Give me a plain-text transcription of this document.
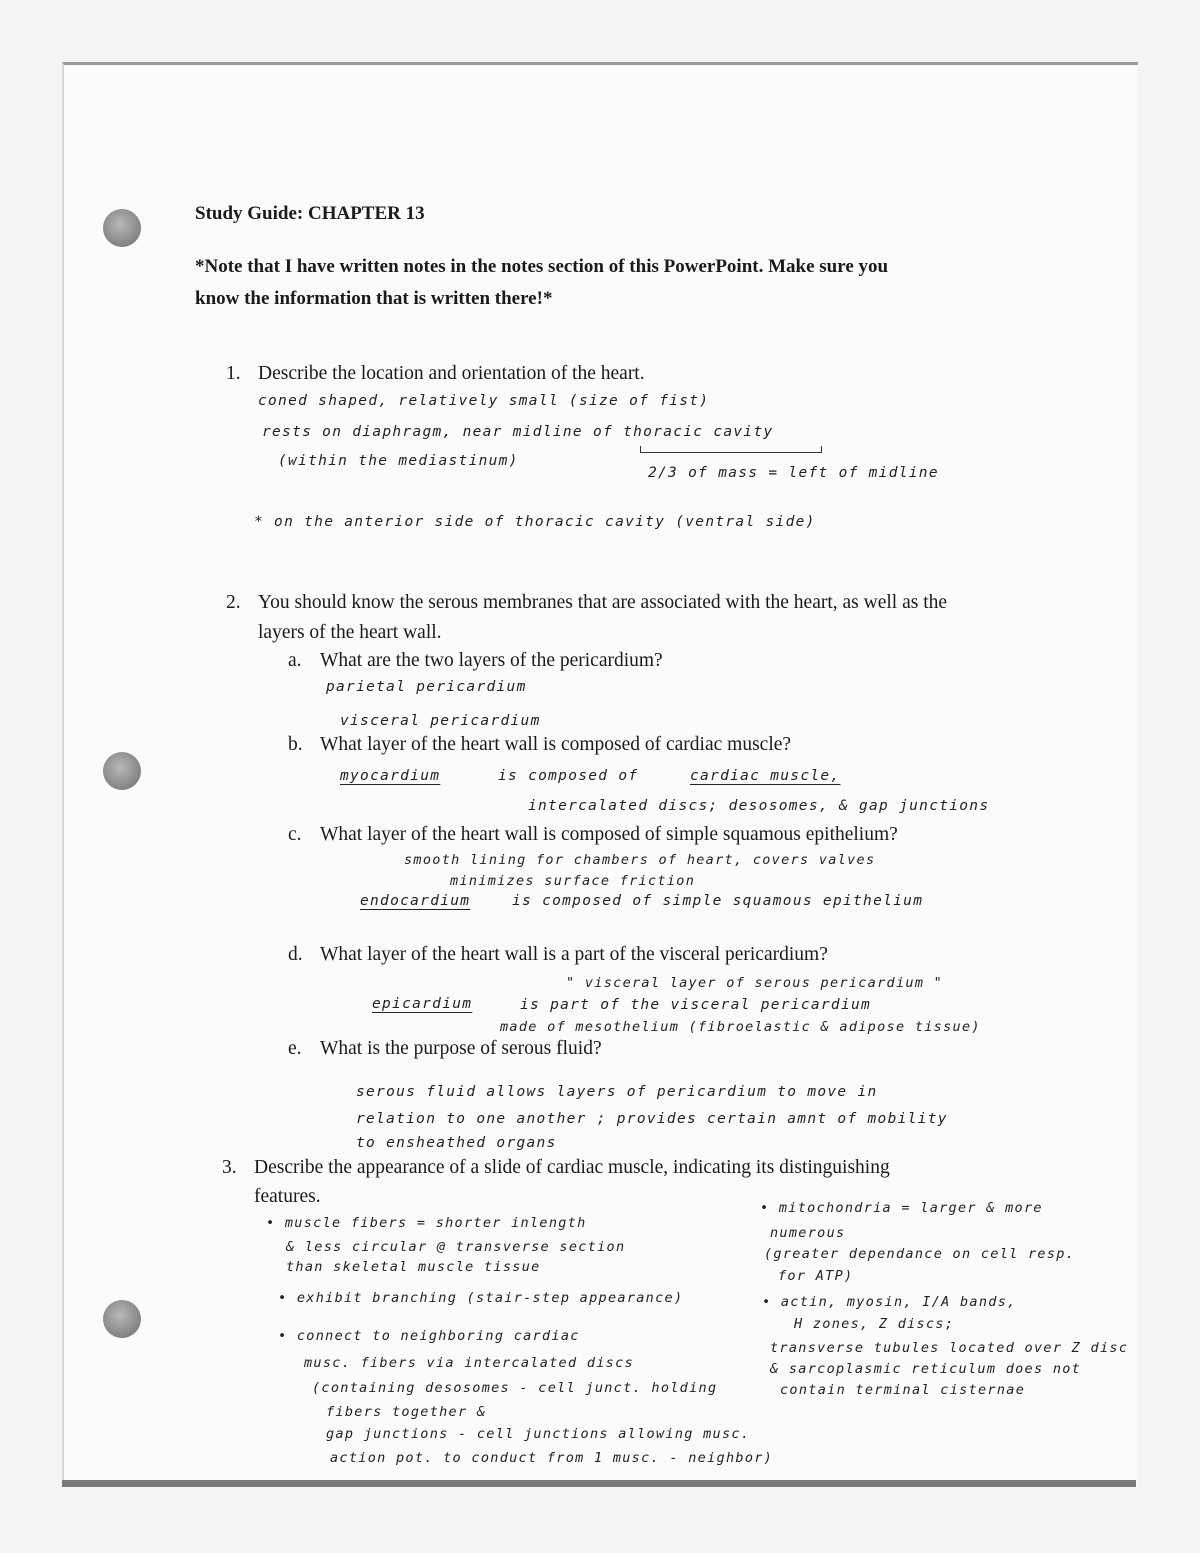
Study Guide: CHAPTER 13
*Note that I have written notes in the notes section of this PowerPoint. Make sure you
know the information that is written there!*
1. Describe the location and orientation of the heart.
coned shaped, relatively small (size of fist)
rests on diaphragm, near midline of thoracic cavity
(within the mediastinum)
2/3 of mass = left of midline
* on the anterior side of thoracic cavity (ventral side)
2. You should know the serous membranes that are associated with the heart, as well as the
layers of the heart wall.
a. What are the two layers of the pericardium?
parietal pericardium
visceral pericardium
b. What layer of the heart wall is composed of cardiac muscle?
myocardium	is composed of	cardiac muscle,
intercalated discs; desosomes, & gap junctions
c. What layer of the heart wall is composed of simple squamous epithelium?
smooth lining for chambers of heart, covers valves
minimizes surface friction
endocardium	is composed of simple squamous epithelium
d. What layer of the heart wall is a part of the visceral pericardium?
" visceral layer of serous pericardium "
epicardium	is part of the visceral pericardium
made of mesothelium (fibroelastic & adipose tissue)
e. What is the purpose of serous fluid?
serous fluid allows layers of pericardium to move in
relation to one another ; provides certain amnt of mobility
to ensheathed organs
3. Describe the appearance of a slide of cardiac muscle, indicating its distinguishing
features.
• muscle fibers = shorter inlength
& less circular @ transverse section
than skeletal muscle tissue
• exhibit branching (stair-step appearance)
• connect to neighboring cardiac
musc. fibers via intercalated discs
(containing desosomes - cell junct. holding
fibers together &
gap junctions - cell junctions allowing musc.
action pot. to conduct from 1 musc. - neighbor)
• mitochondria = larger & more
numerous
(greater dependance on cell resp.
for ATP)
• actin, myosin, I/A bands,
H zones, Z discs;
transverse tubules located over Z disc
& sarcoplasmic reticulum does not
contain terminal cisternae
